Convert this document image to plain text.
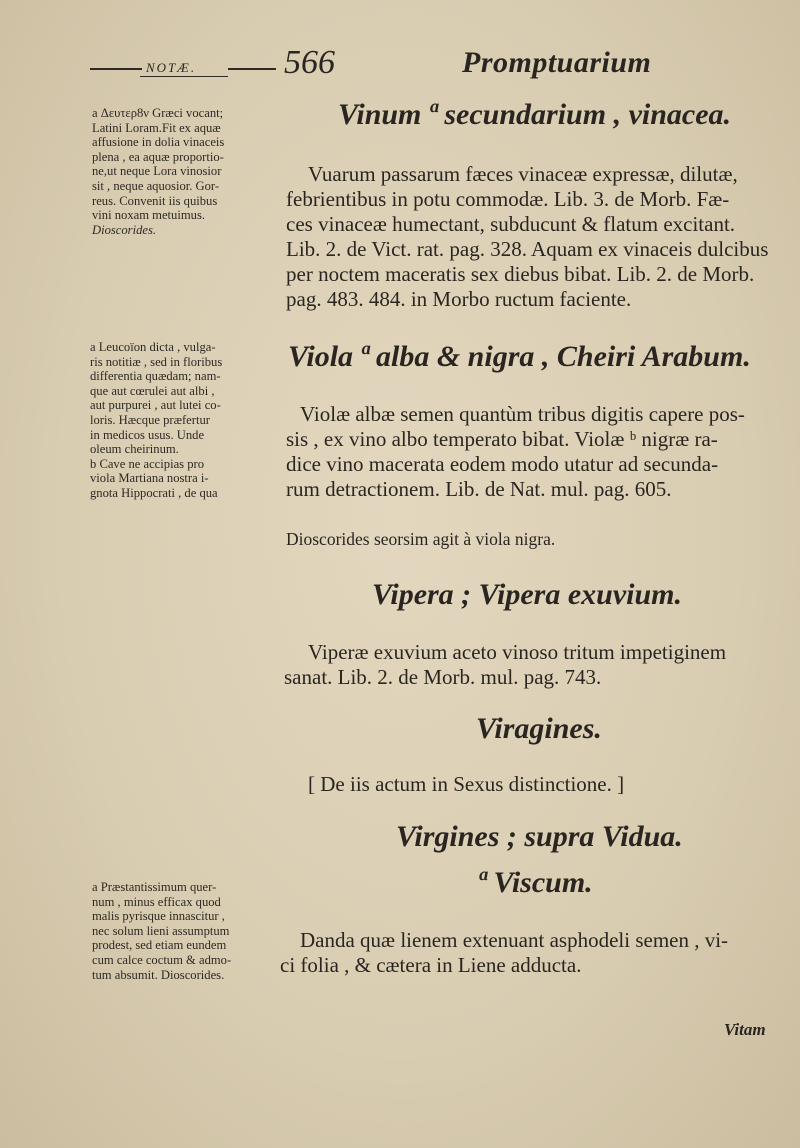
NOTÆ.	566	Promptuarium
a Δευτερ8ν Græci vocant;
Latini Loram.Fit ex aquæ
affusione in dolia vinaceis
plena , ea aquæ proportio-
ne,ut neque Lora vinosior
sit , neque aquosior. Gor-
reus. Convenit iis quibus
vini noxam metuimus.
Dioscorides.
a Leucoïon dicta , vulga-
ris notitiæ , sed in floribus
differentia quædam; nam-
que aut cœrulei aut albi ,
aut purpurei , aut lutei co-
loris. Hæcque præfertur
in medicos usus. Unde
oleum cheirinum.
b Cave ne accipias pro
viola Martiana nostra i-
gnota Hippocrati , de qua
a Præstantissimum quer-
num , minus efficax quod
malis pyrisque innascitur ,
nec solum lieni assumptum
prodest, sed etiam eundem
cum calce coctum & admo-
tum absumit. Dioscorides.
Vinum ª secundarium , vinacea.
Vuarum passarum fæces vinaceæ expressæ, dilutæ,
febrientibus in potu commodæ. Lib. 3. de Morb. Fæ-
ces vinaceæ humectant, subducunt & flatum excitant.
Lib. 2. de Vict. rat. pag. 328. Aquam ex vinaceis dulcibus
per noctem maceratis sex diebus bibat. Lib. 2. de Morb.
pag. 483. 484. in Morbo ructum faciente.
Viola ª alba & nigra , Cheiri Arabum.
Violæ albæ semen quantùm tribus digitis capere pos-
sis , ex vino albo temperato bibat. Violæ ᵇ nigræ ra-
dice vino macerata eodem modo utatur ad secunda-
rum detractionem. Lib. de Nat. mul. pag. 605.
Dioscorides seorsim agit à viola nigra.
Vipera ; Vipera exuvium.
Viperæ exuvium aceto vinoso tritum impetiginem
sanat. Lib. 2. de Morb. mul. pag. 743.
Viragines.
[ De iis actum in Sexus distinctione. ]
Virgines ; supra Vidua.
ª Viscum.
Danda quæ lienem extenuant asphodeli semen , vi-
ci folia , & cætera in Liene adducta.
Vitam
